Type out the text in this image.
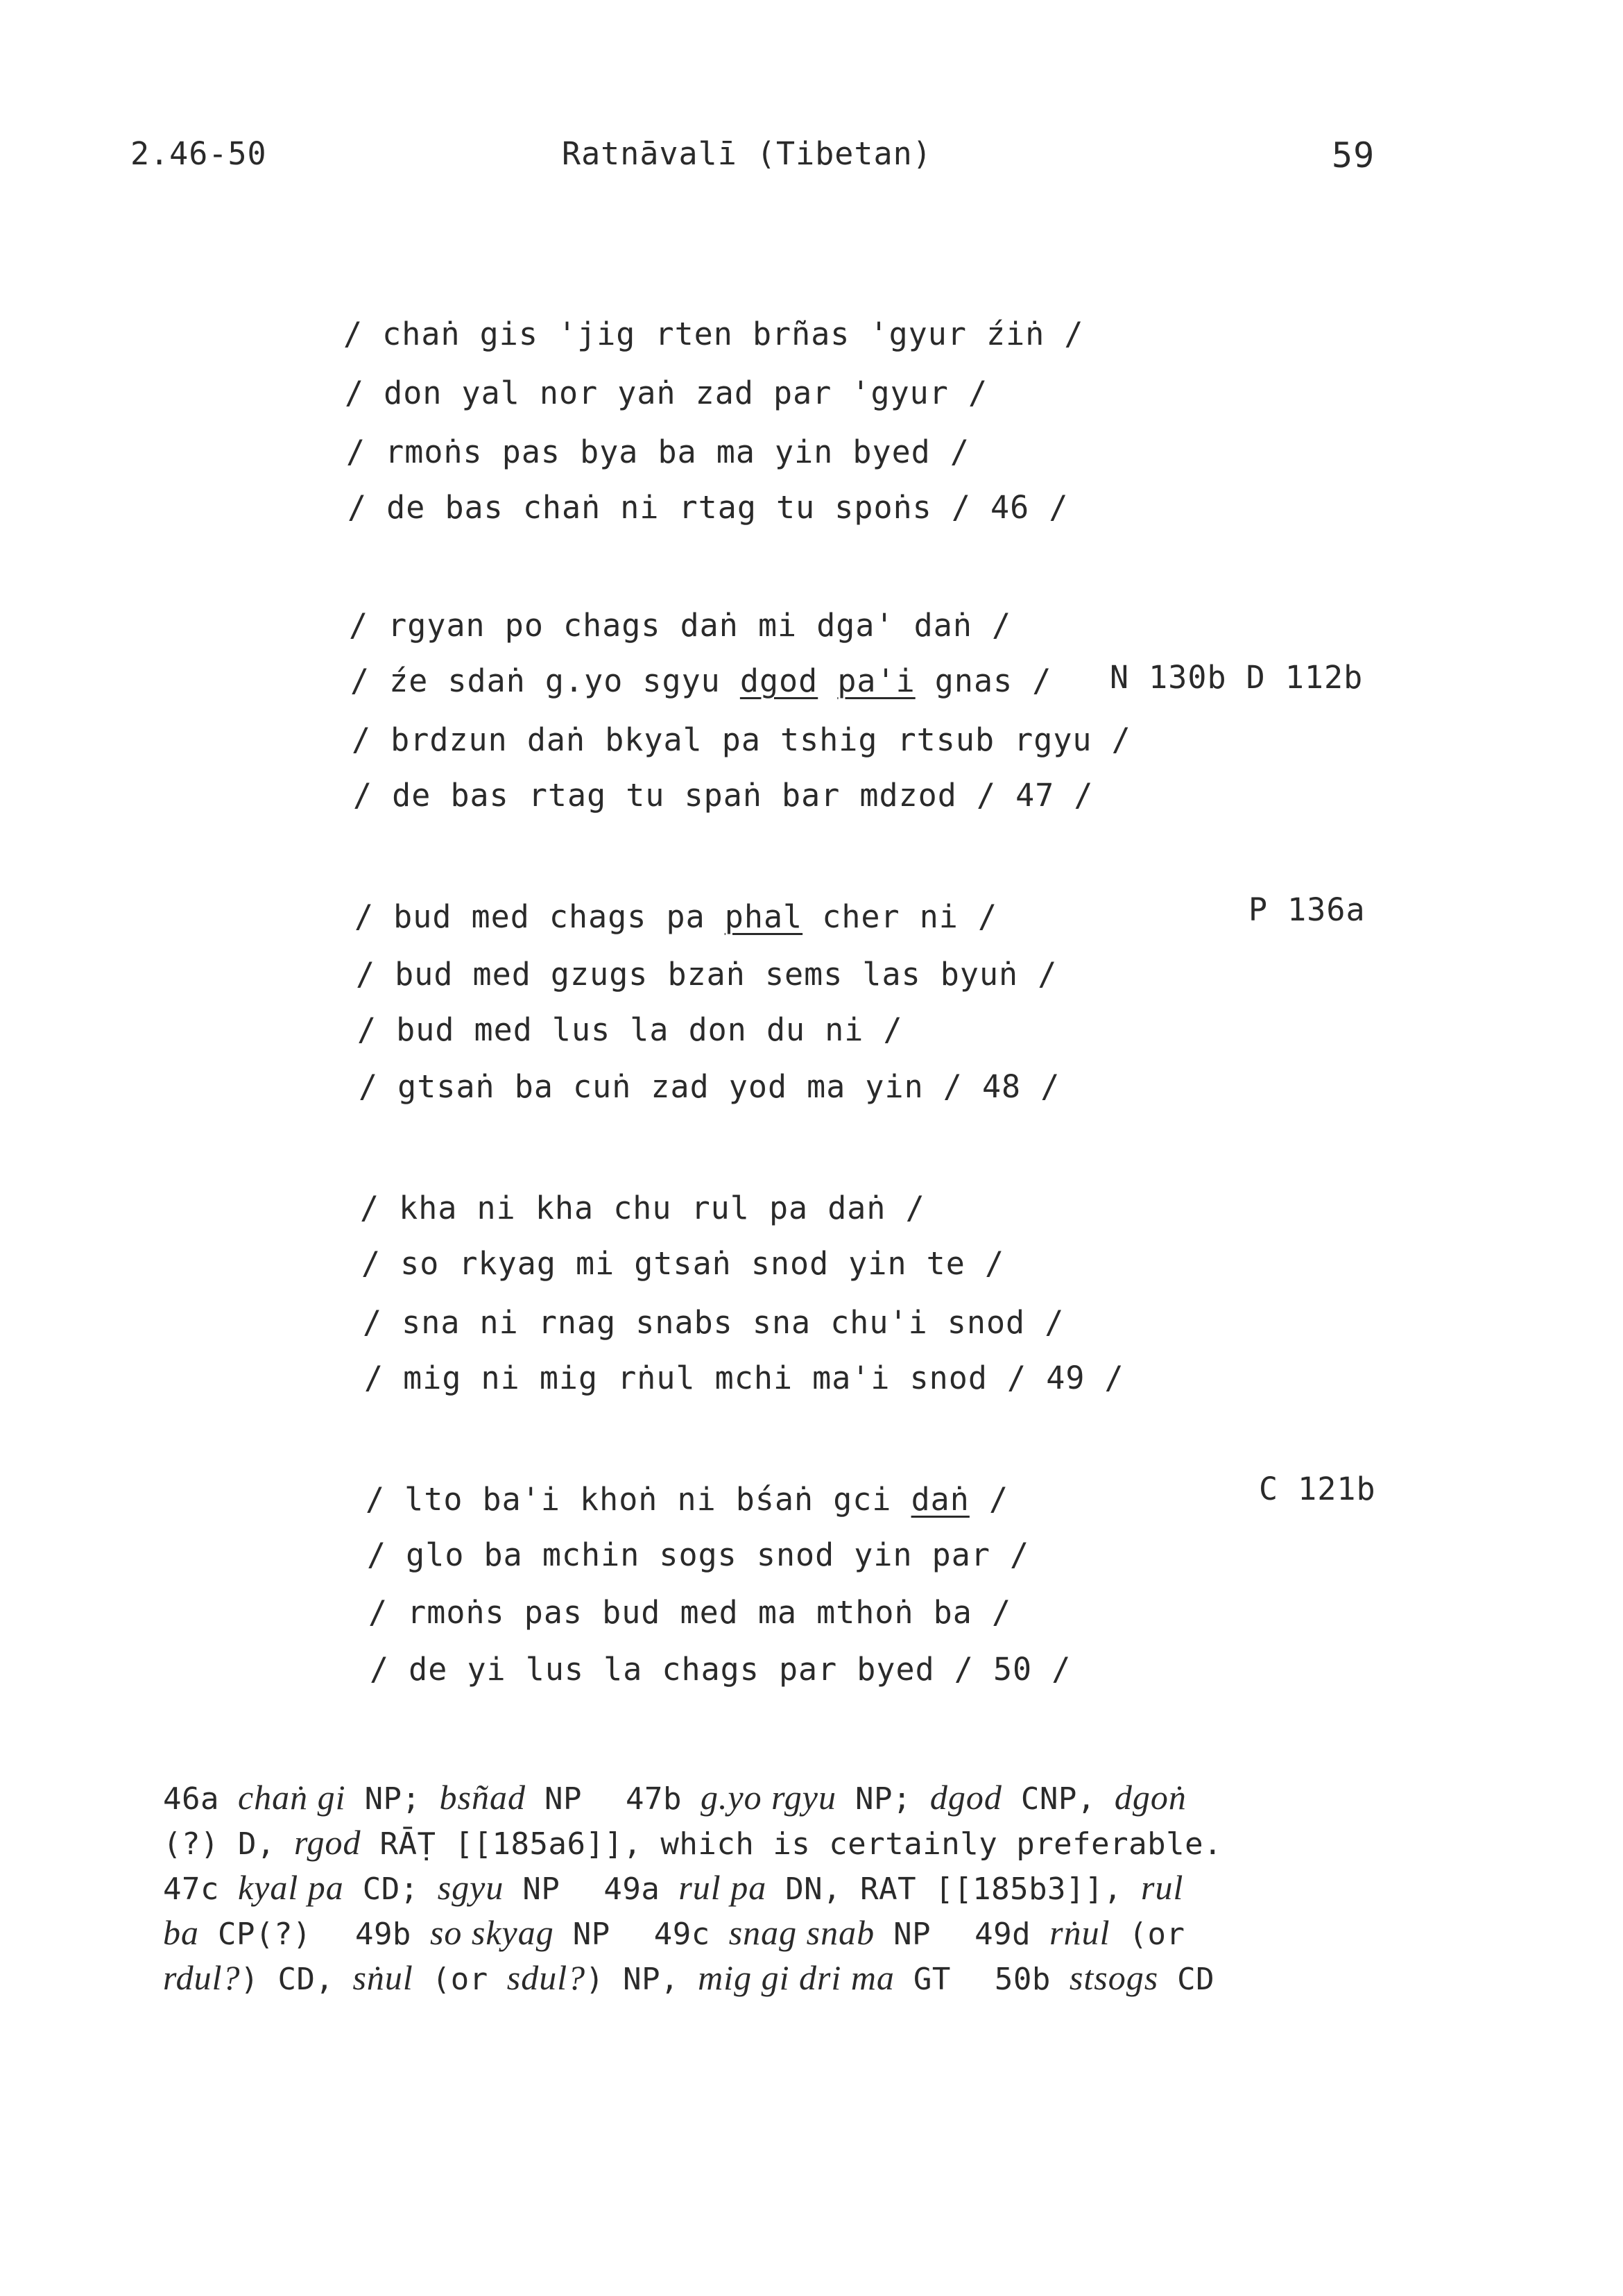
2.46-50	Ratnāvalī (Tibetan)	59
/ chaṅ gis 'jig rten brñas 'gyur źiṅ /
/ don yal nor yaṅ zad par 'gyur /
/ rmoṅs pas bya ba ma yin byed /
/ de bas chaṅ ni rtag tu spoṅs / 46 /
/ rgyan po chags daṅ mi dga' daṅ /
/ źe sdaṅ g.yo sgyu dgod pa'i gnas / N 130b D 112b
/ brdzun daṅ bkyal pa tshig rtsub rgyu /
/ de bas rtag tu spaṅ bar mdzod / 47 /
/ bud med chags pa phal cher ni /	P 136a
/ bud med gzugs bzaṅ sems las byuṅ /
/ bud med lus la don du ni /
/ gtsaṅ ba cuṅ zad yod ma yin / 48 /
/ kha ni kha chu rul pa daṅ /
/ so rkyag mi gtsaṅ snod yin te /
/ sna ni rnag snabs sna chu'i snod /
/ mig ni mig rṅul mchi ma'i snod / 49 /
/ lto ba'i khoṅ ni bśaṅ gci daṅ /	C 121b
/ glo ba mchin sogs snod yin par /
/ rmoṅs pas bud med ma mthoṅ ba /
/ de yi lus la chags par byed / 50 /
46a chaṅ gi NP; bsñad NP 47b g.yo rgyu NP; dgod CNP, dgoṅ
(?) D, rgod RĀṬ [[185a6]], which is certainly preferable.
47c kyal pa CD; sgyu NP 49a rul pa DN, RAT [[185b3]], rul
ba CP(?) 49b so skyag NP 49c snag snab NP 49d rṅul (or
rdul?) CD, sṅul (or sdul?) NP, mig gi dri ma GT 50b stsogs CD
